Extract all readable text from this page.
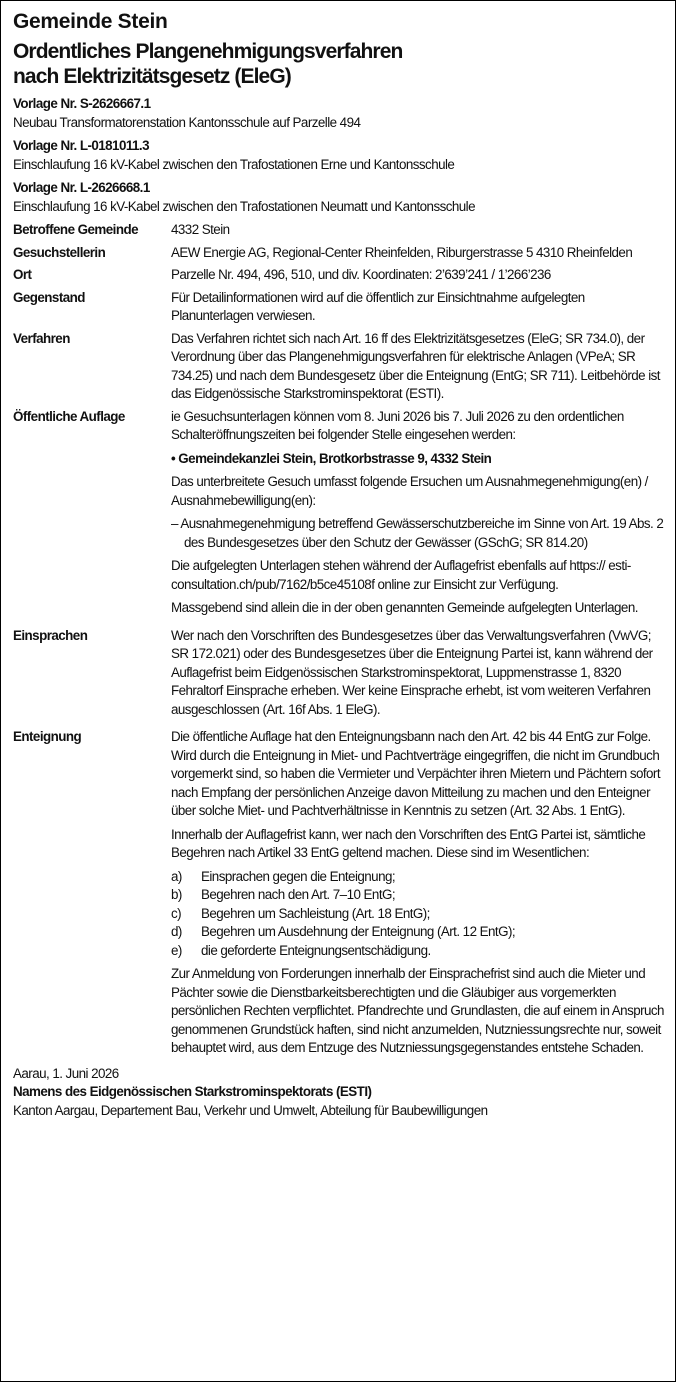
Gemeinde Stein
Ordentliches Plangenehmigungsverfahren
nach Elektrizitätsgesetz (EleG)
Vorlage Nr. S-2626667.1
Neubau Transformatorenstation Kantonsschule auf Parzelle 494
Vorlage Nr. L-0181011.3
Einschlaufung 16 kV-Kabel zwischen den Trafostationen Erne und Kantonsschule
Vorlage Nr. L-2626668.1
Einschlaufung 16 kV-Kabel zwischen den Trafostationen Neumatt und Kantonsschule
Betroffene Gemeinde	4332 Stein
Gesuchstellerin	AEW Energie AG, Regional-Center Rheinfelden, Riburgerstrasse 5 4310 Rheinfelden
Ort	Parzelle Nr. 494, 496, 510, und div. Koordinaten: 2’639’241 / 1’266’236
Gegenstand	Für Detailinformationen wird auf die öffentlich zur Einsichtnahme aufgelegten Planunterlagen verwiesen.
Verfahren	Das Verfahren richtet sich nach Art. 16 ff des Elektrizitätsgesetzes (EleG; SR 734.0), der Verordnung über das Plangenehmigungsverfahren für elektrische Anlagen (VPeA; SR 734.25) und nach dem Bundesgesetz über die Enteignung (EntG; SR 711). Leitbehörde ist das Eidgenössische Starkstrominspektorat (ESTI).
Öffentliche Auflage	ie Gesuchsunterlagen können vom 8. Juni 2026 bis 7. Juli 2026 zu den ordentlichen Schalteröffnungszeiten bei folgender Stelle eingesehen werden:
• Gemeindekanzlei Stein, Brotkorbstrasse 9, 4332 Stein
Das unterbreitete Gesuch umfasst folgende Ersuchen um Ausnahmegenehmigung(en) / Ausnahmebewilligung(en):
– Ausnahmegenehmigung betreffend Gewässerschutzbereiche im Sinne von Art. 19 Abs. 2 des Bundesgesetzes über den Schutz der Gewässer (GSchG; SR 814.20)
Die aufgelegten Unterlagen stehen während der Auflagefrist ebenfalls auf https:// esti-consultation.ch/pub/7162/b5ce45108f online zur Einsicht zur Verfügung.
Massgebend sind allein die in der oben genannten Gemeinde aufgelegten Unterlagen.
Einsprachen	Wer nach den Vorschriften des Bundesgesetzes über das Verwaltungsverfahren (VwVG; SR 172.021) oder des Bundesgesetzes über die Enteignung Partei ist, kann während der Auflagefrist beim Eidgenössischen Starkstrominspektorat, Luppmenstrasse 1, 8320 Fehraltorf Einsprache erheben. Wer keine Einsprache erhebt, ist vom weiteren Verfahren ausgeschlossen (Art. 16f Abs. 1 EleG).
Enteignung	Die öffentliche Auflage hat den Enteignungsbann nach den Art. 42 bis 44 EntG zur Folge. Wird durch die Enteignung in Miet- und Pachtverträge eingegriffen, die nicht im Grundbuch vorgemerkt sind, so haben die Vermieter und Verpächter ihren Mietern und Pächtern sofort nach Empfang der persönlichen Anzeige davon Mitteilung zu machen und den Enteigner über solche Miet- und Pachtverhältnisse in Kenntnis zu setzen (Art. 32 Abs. 1 EntG).
Innerhalb der Auflagefrist kann, wer nach den Vorschriften des EntG Partei ist, sämtliche Begehren nach Artikel 33 EntG geltend machen. Diese sind im Wesentlichen:
a)	Einsprachen gegen die Enteignung;
b)	Begehren nach den Art. 7–10 EntG;
c)	Begehren um Sachleistung (Art. 18 EntG);
d)	Begehren um Ausdehnung der Enteignung (Art. 12 EntG);
e)	die geforderte Enteignungsentschädigung.
Zur Anmeldung von Forderungen innerhalb der Einsprachefrist sind auch die Mieter und Pächter sowie die Dienstbarkeitsberechtigten und die Gläubiger aus vorgemerkten persönlichen Rechten verpflichtet. Pfandrechte und Grundlasten, die auf einem in Anspruch genommenen Grundstück haften, sind nicht anzumelden, Nutzniessungsrechte nur, soweit behauptet wird, aus dem Entzuge des Nutzniessungsgegenstandes entstehe Schaden.
Aarau, 1. Juni 2026
Namens des Eidgenössischen Starkstrominspektorats (ESTI)
Kanton Aargau, Departement Bau, Verkehr und Umwelt, Abteilung für Baubewilligungen
